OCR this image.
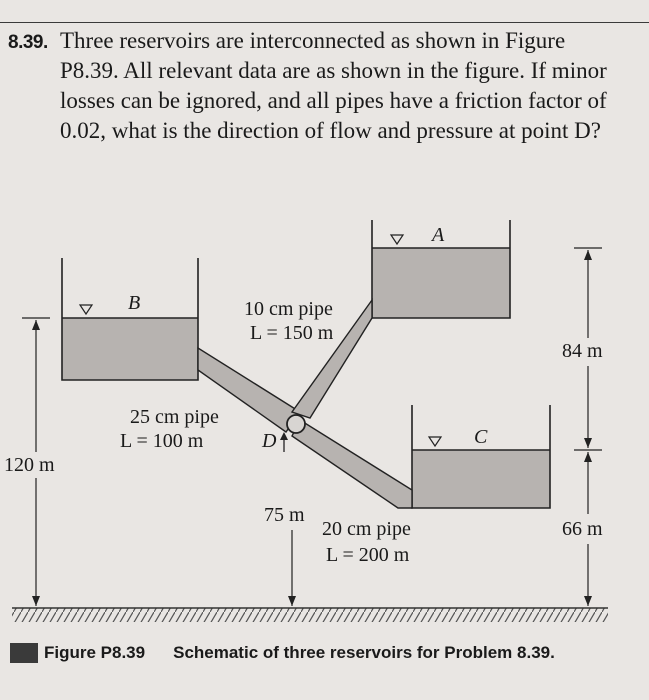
8.39. Three reservoirs are interconnected as shown in Figure P8.39. All relevant data are as shown in the figure. If minor losses can be ignored, and all pipes have a friction factor of 0.02, what is the direction of flow and pressure at point D?
B
A
C
D
10 cm pipe
L = 150 m
25 cm pipe
L = 100 m
20 cm pipe
L = 200 m
120 m
75 m
84 m
66 m
Figure P8.39 Schematic of three reservoirs for Problem 8.39.
